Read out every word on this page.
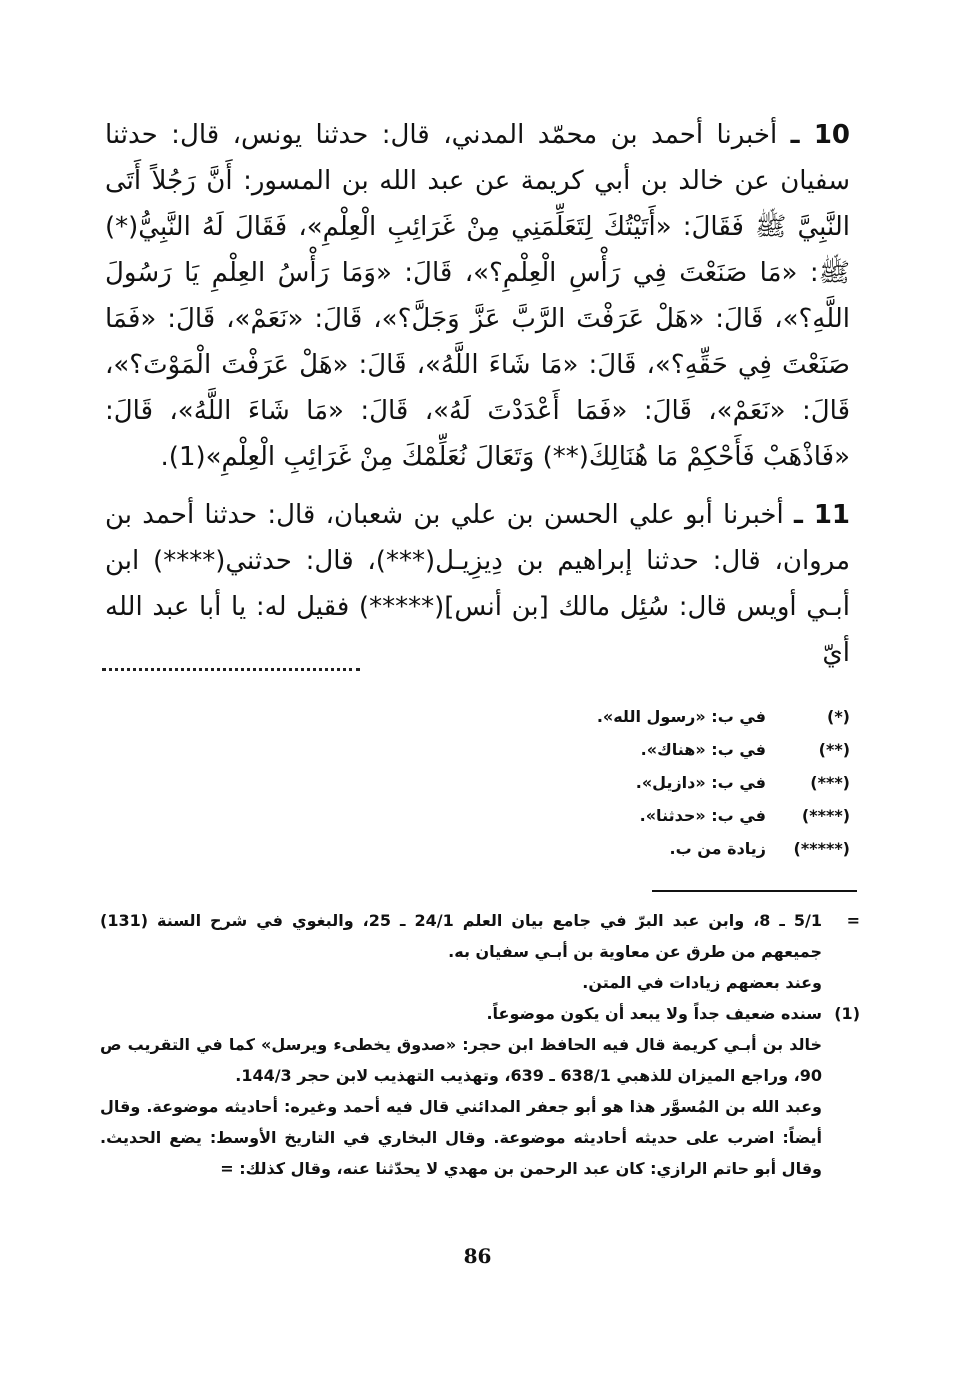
10 ـ أخبرنا أحمد بن محمّد المدني، قال: حدثنا يونس، قال: حدثنا سفيان عن خالد بن أبي كريمة عن عبد الله بن المسور: أَنَّ رَجُلاً أَتَى النَّبِيَّ ﷺ فَقَالَ: «أَتَيْتُكَ لِتَعَلِّمَنِي مِنْ غَرَائِبِ الْعِلْمِ»، فَقَالَ لَهُ النَّبِيُّ(*) ﷺ: «مَا صَنَعْتَ فِي رَأْسِ الْعِلْمِ؟»، قَالَ: «وَمَا رَأْسُ العِلْمِ يَا رَسُولَ اللَّهِ؟»، قَالَ: «هَلْ عَرَفْتَ الرَّبَّ عَزَّ وَجَلَّ؟»، قَالَ: «نَعَمْ»، قَالَ: «فَمَا صَنَعْتَ فِي حَقِّهِ؟»، قَالَ: «مَا شَاءَ اللَّهُ»، قَالَ: «هَلْ عَرَفْتَ الْمَوْتَ؟»، قَالَ: «نَعَمْ»، قَالَ: «فَمَا أَعْدَدْتَ لَهُ»، قَالَ: «مَا شَاءَ اللَّهُ»، قَالَ: «فَاذْهَبْ فَأَحْكِمْ مَا هُنَالِكَ(**) وَتَعَالَ نُعَلِّمْكَ مِنْ غَرَائِبِ الْعِلْمِ»(1).

11 ـ أخبرنا أبو علي الحسن بن علي بن شعبان، قال: حدثنا أحمد بن مروان، قال: حدثنا إبراهيم بن دِيزِيـل(***)، قال: حدثني(****) ابن أبـي أويس قال: سُئِل مالك [بن أنس](*****) فقيل له: يا أبا عبد الله أيّ

(*)
في ب: «رسول الله».
(**)
في ب: «هناك».
(***)
في ب: «دازيل».
(****)
في ب: «حدثنا».
(*****)
زيادة من ب.
=
5/1 ـ 8، وابن عبد البرّ في جامع بيان العلم 24/1 ـ 25، والبغوي في شرح السنة (131) جميعهم من طرق عن معاوية بن أبـي سفيان به.
وعند بعضهم زيادات في المتن.
(1)
سنده ضعيف جداً ولا يبعد أن يكون موضوعاً.
خالد بن أبـي كريمة قال فيه الحافظ ابن حجر: «صدوق يخطىء ويرسل» كما في التقريب ص 90، وراجع الميزان للذهبي 638/1 ـ 639، وتهذيب التهذيب لابن حجر 144/3.
وعبد الله بن المُسوَّر هذا هو أبو جعفر المدائني قال فيه أحمد وغيره: أحاديثه موضوعة. وقال أيضاً: اضرب على حديثه أحاديثه موضوعة. وقال البخاري في التاريخ الأوسط: يضع الحديث. وقال أبو حاتم الرازي: كان عبد الرحمن بن مهدي لا يحدّثنا عنه، وقال كذلك: =
86
